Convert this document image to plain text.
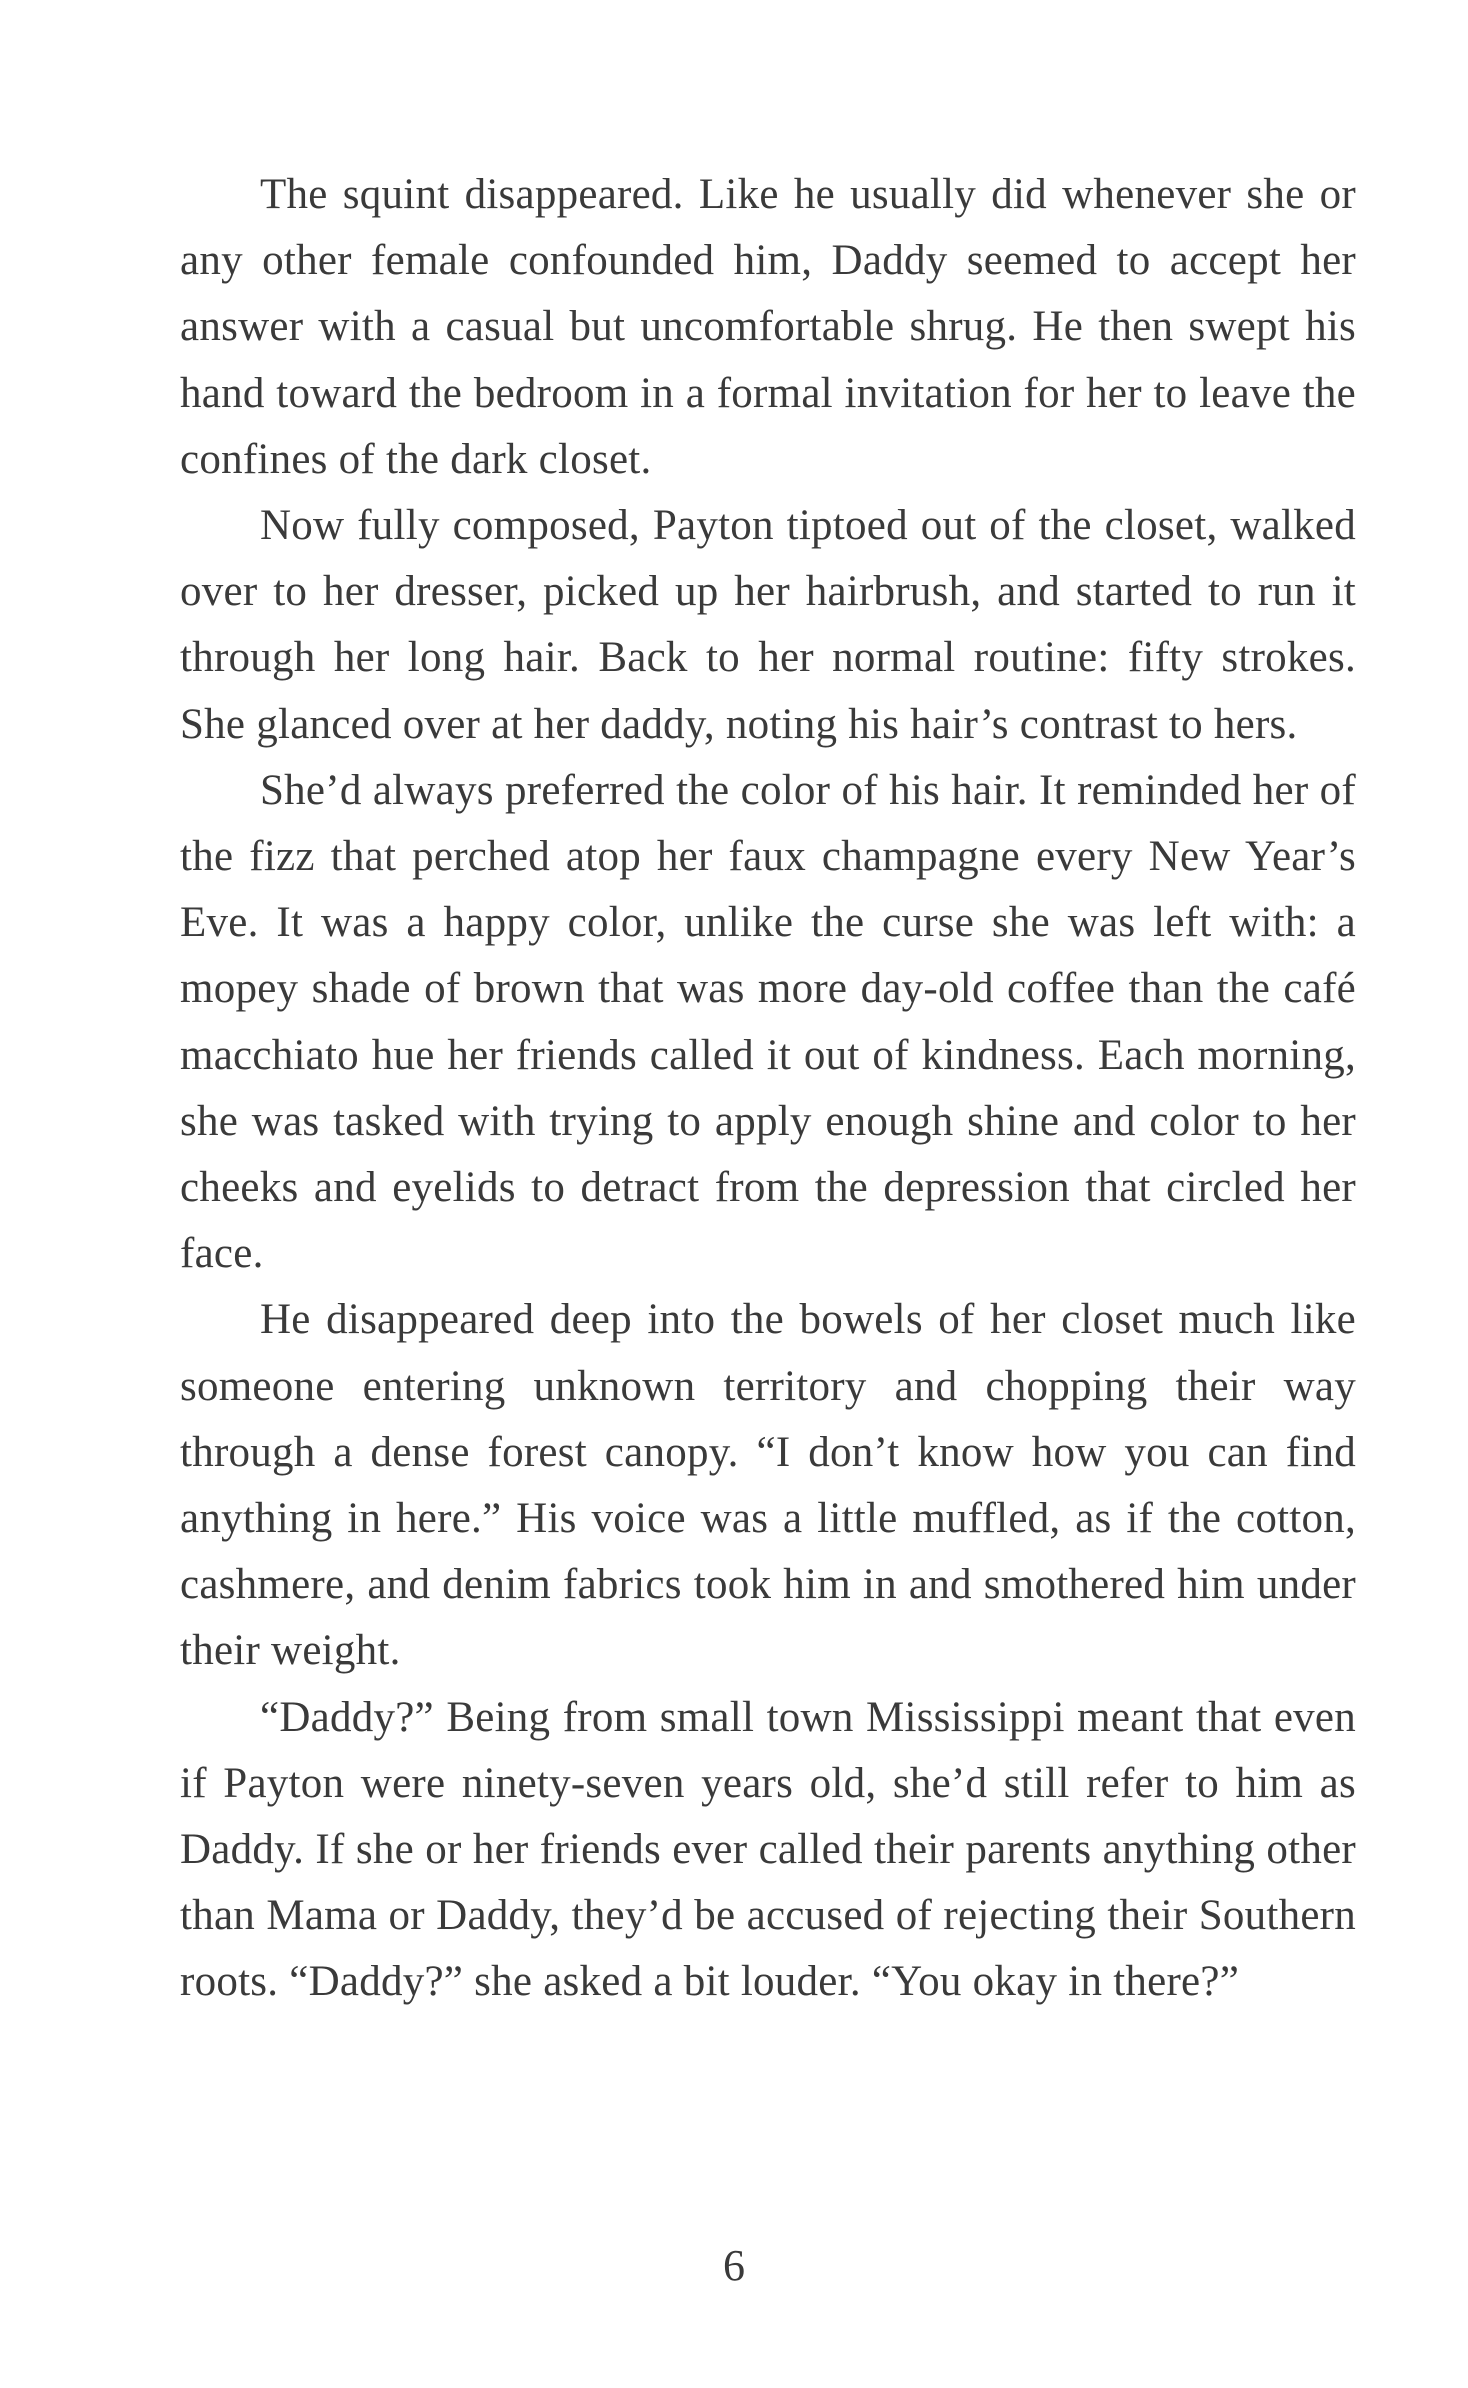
The squint disappeared. Like he usually did whenever she or any other female confounded him, Daddy seemed to accept her answer with a casual but uncomfortable shrug. He then swept his hand toward the bedroom in a formal invitation for her to leave the confines of the dark closet.

Now fully composed, Payton tiptoed out of the closet, walked over to her dresser, picked up her hairbrush, and started to run it through her long hair. Back to her normal routine: fifty strokes. She glanced over at her daddy, noting his hair’s contrast to hers.

She’d always preferred the color of his hair. It reminded her of the fizz that perched atop her faux champagne every New Year’s Eve. It was a happy color, unlike the curse she was left with: a mopey shade of brown that was more day-old coffee than the café macchiato hue her friends called it out of kindness. Each morning, she was tasked with trying to apply enough shine and color to her cheeks and eyelids to detract from the depression that circled her face.

He disappeared deep into the bowels of her closet much like someone entering unknown territory and chopping their way through a dense forest canopy. “I don’t know how you can find anything in here.” His voice was a little muffled, as if the cotton, cashmere, and denim fabrics took him in and smothered him under their weight.

“Daddy?” Being from small town Mississippi meant that even if Payton were ninety-seven years old, she’d still refer to him as Daddy. If she or her friends ever called their parents anything other than Mama or Daddy, they’d be accused of rejecting their Southern roots. “Daddy?” she asked a bit louder. “You okay in there?”

6
